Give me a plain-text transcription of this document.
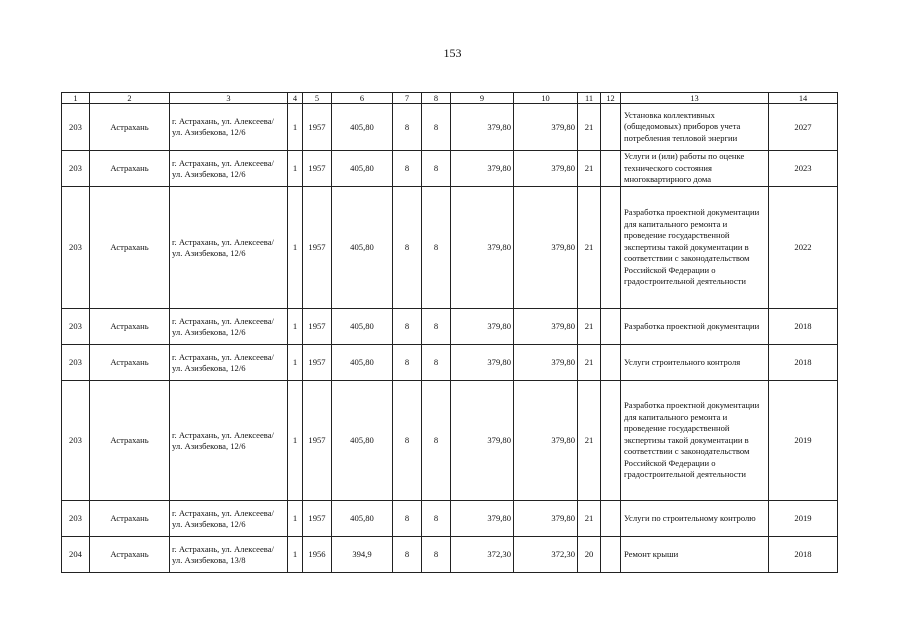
153
1	2	3	4	5	6	7	8	9	10	11	12	13	14
203	Астрахань	г. Астрахань, ул. Алексеева/ ул. Азизбекова, 12/6	1	1957	405,80	8	8	379,80	379,80	21		Установка коллективных (общедомовых) приборов учета потребления тепловой энергии	2027
203	Астрахань	г. Астрахань, ул. Алексеева/ ул. Азизбекова, 12/6	1	1957	405,80	8	8	379,80	379,80	21		Услуги и (или) работы по оценке технического состояния многоквартирного дома	2023
203	Астрахань	г. Астрахань, ул. Алексеева/ ул. Азизбекова, 12/6	1	1957	405,80	8	8	379,80	379,80	21		Разработка проектной документации для капитального ремонта и проведение государственной экспертизы такой документации в соответствии с законодательством Российской Федерации о градостроительной деятельности	2022
203	Астрахань	г. Астрахань, ул. Алексеева/ ул. Азизбекова, 12/6	1	1957	405,80	8	8	379,80	379,80	21		Разработка проектной документации	2018
203	Астрахань	г. Астрахань, ул. Алексеева/ ул. Азизбекова, 12/6	1	1957	405,80	8	8	379,80	379,80	21		Услуги строительного контроля	2018
203	Астрахань	г. Астрахань, ул. Алексеева/ ул. Азизбекова, 12/6	1	1957	405,80	8	8	379,80	379,80	21		Разработка проектной документации для капитального ремонта и проведение государственной экспертизы такой документации в соответствии с законодательством Российской Федерации о градостроительной деятельности	2019
203	Астрахань	г. Астрахань, ул. Алексеева/ ул. Азизбекова, 12/6	1	1957	405,80	8	8	379,80	379,80	21		Услуги по строительному контролю	2019
204	Астрахань	г. Астрахань, ул. Алексеева/ ул. Азизбекова, 13/8	1	1956	394,9	8	8	372,30	372,30	20		Ремонт крыши	2018
